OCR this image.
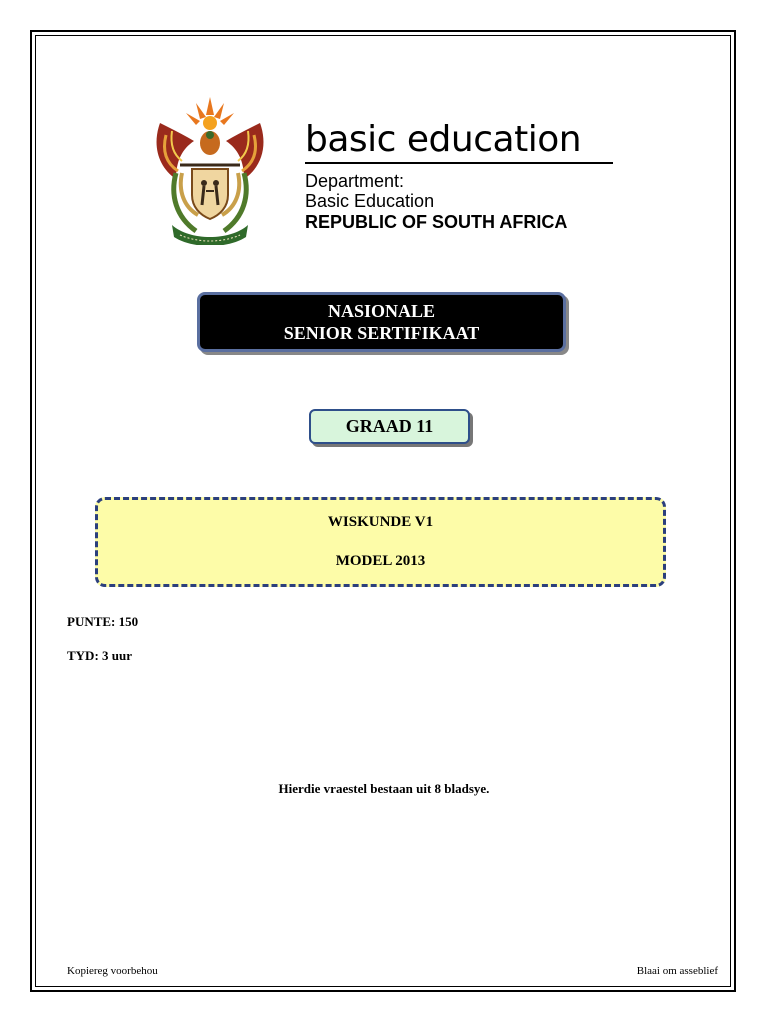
basic education
Department:
Basic Education
REPUBLIC OF SOUTH AFRICA
NASIONALE
SENIOR SERTIFIKAAT
GRAAD 11
WISKUNDE V1
MODEL 2013
PUNTE: 150
TYD: 3 uur
Hierdie vraestel bestaan uit 8 bladsye.
Kopiereg voorbehou	Blaai om asseblief
